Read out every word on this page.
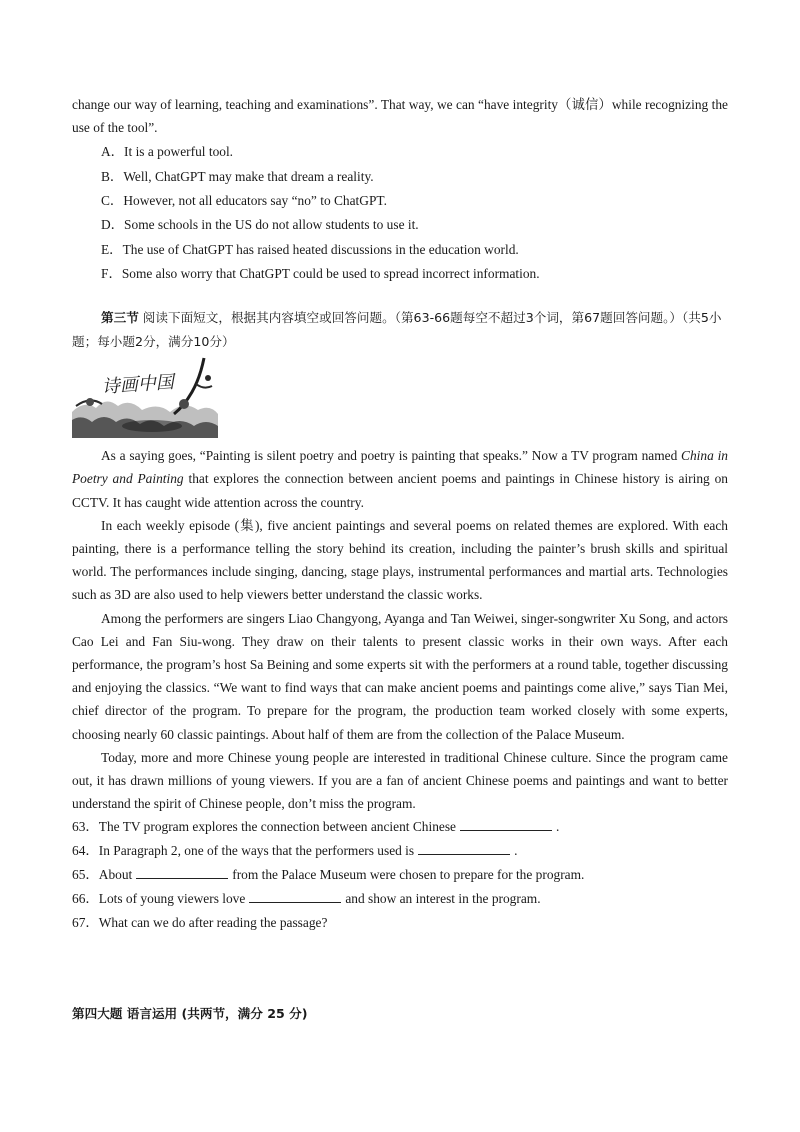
change our way of learning, teaching and examinations”. That way, we can “have integrity（诚信）while recognizing the use of the tool”.

A．It is a powerful tool.

B．Well, ChatGPT may make that dream a reality.

C．However, not all educators say “no” to ChatGPT.

D．Some schools in the US do not allow students to use it.

E．The use of ChatGPT has raised heated discussions in the education world.

F．Some also worry that ChatGPT could be used to spread incorrect information.

第三节 阅读下面短文，根据其内容填空或回答问题。（第63-66题每空不超过3个词，第67题回答问题。）（共5小题；每小题2分，满分10分）

诗画中国

As a saying goes, “Painting is silent poetry and poetry is painting that speaks.” Now a TV program named China in Poetry and Painting that explores the connection between ancient poems and paintings in Chinese history is airing on CCTV. It has caught wide attention across the country.

In each weekly episode (集), five ancient paintings and several poems on related themes are explored. With each painting, there is a performance telling the story behind its creation, including the painter’s brush skills and spiritual world. The performances include singing, dancing, stage plays, instrumental performances and martial arts. Technologies such as 3D are also used to help viewers better understand the classic works.

Among the performers are singers Liao Changyong, Ayanga and Tan Weiwei, singer-songwriter Xu Song, and actors Cao Lei and Fan Siu-wong. They draw on their talents to present classic works in their own ways. After each performance, the program’s host Sa Beining and some experts sit with the performers at a round table, together discussing and enjoying the classics. “We want to find ways that can make ancient poems and paintings come alive,” says Tian Mei, chief director of the program. To prepare for the program, the production team worked closely with some experts, choosing nearly 60 classic paintings. About half of them are from the collection of the Palace Museum.

Today, more and more Chinese young people are interested in traditional Chinese culture. Since the program came out, it has drawn millions of young viewers. If you are a fan of ancient Chinese poems and paintings and want to better understand the spirit of Chinese people, don’t miss the program.

63．The TV program explores the connection between ancient Chinese	.

64．In Paragraph 2, one of the ways that the performers used is	.

65．About	from the Palace Museum were chosen to prepare for the program.

66．Lots of young viewers love	and show an interest in the program.

67．What can we do after reading the passage?

第四大题 语言运用 (共两节，满分 25 分)
